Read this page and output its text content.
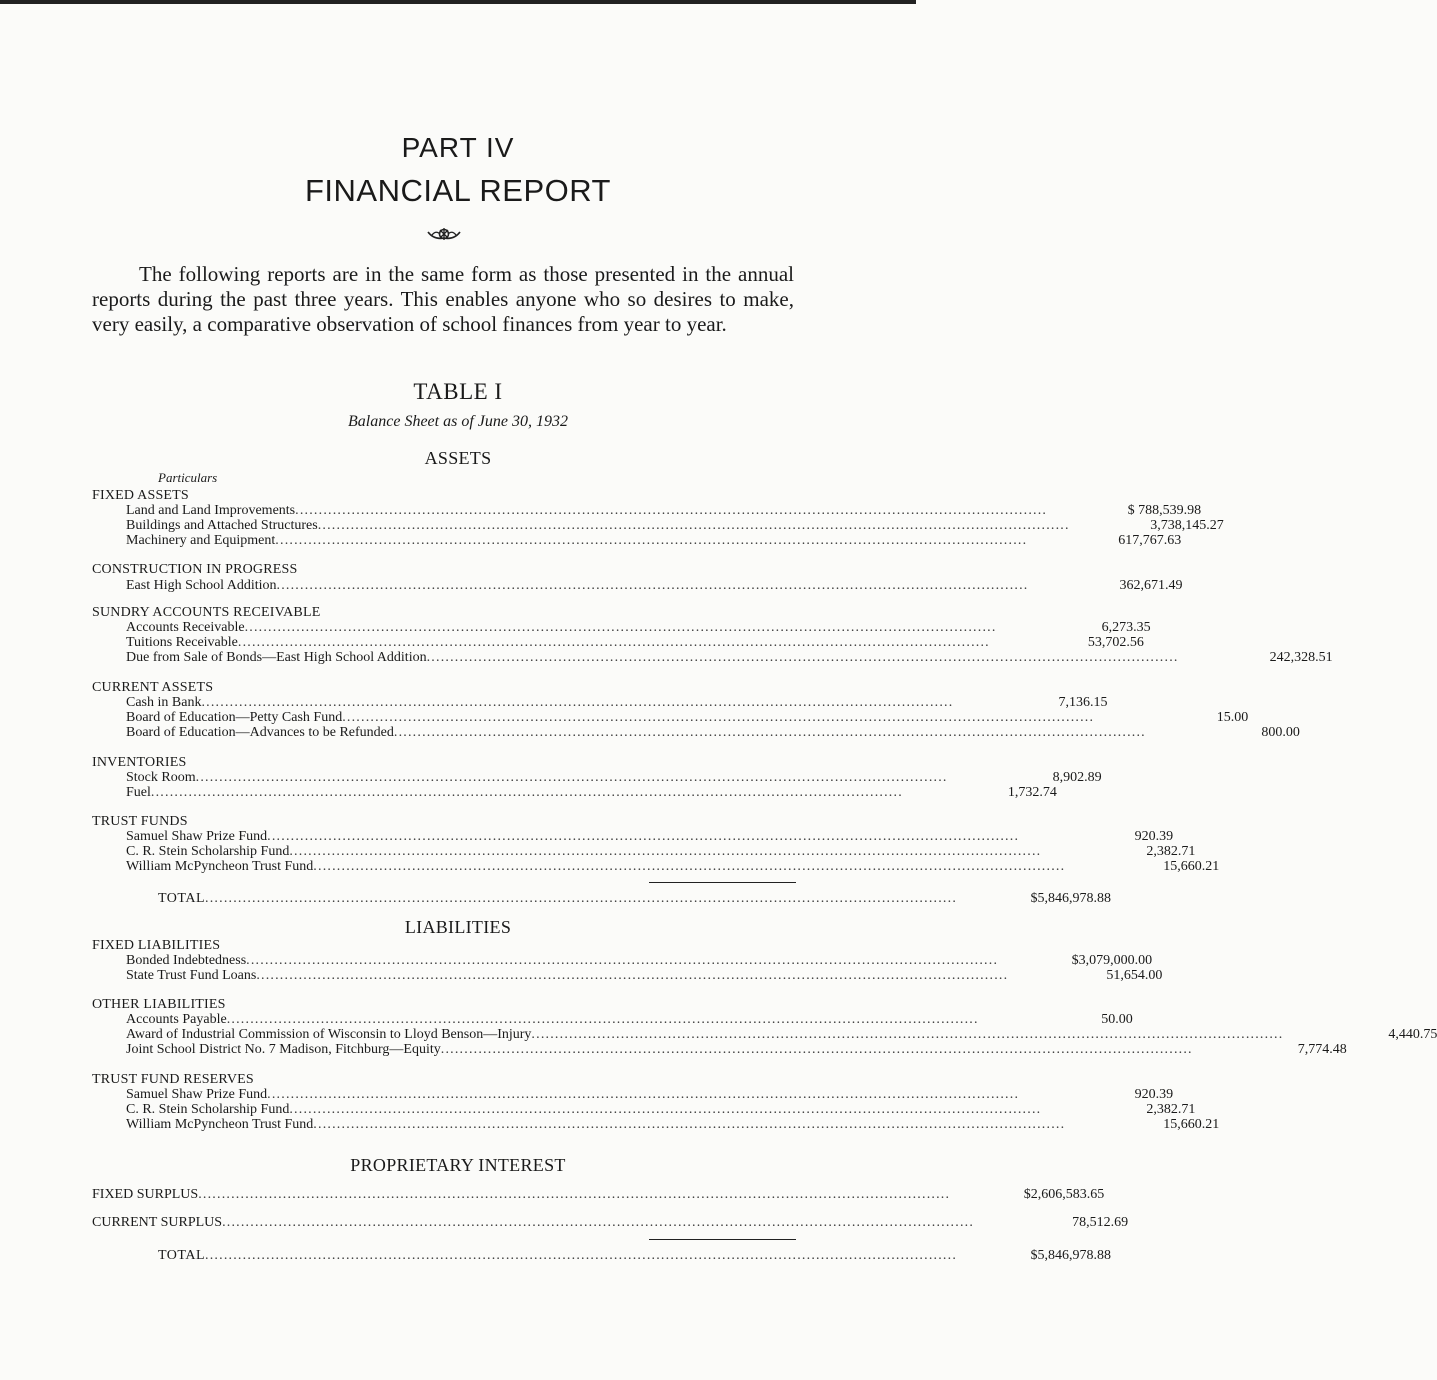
PART IV
FINANCIAL REPORT
The following reports are in the same form as those presented in the annual reports during the past three years. This enables anyone who so desires to make, very easily, a comparative observation of school finances from year to year.
TABLE I
Balance Sheet as of June 30, 1932
ASSETS
Particulars
FIXED ASSETS
Land and Land Improvements ................................................................................................................................................................	$ 788,539.98
Buildings and Attached Structures ................................................................................................................................................................	3,738,145.27
Machinery and Equipment ................................................................................................................................................................	617,767.63
CONSTRUCTION IN PROGRESS
East High School Addition ................................................................................................................................................................	362,671.49
SUNDRY ACCOUNTS RECEIVABLE
Accounts Receivable ................................................................................................................................................................	6,273.35
Tuitions Receivable ................................................................................................................................................................	53,702.56
Due from Sale of Bonds—East High School Addition ................................................................................................................................................................	242,328.51
CURRENT ASSETS
Cash in Bank ................................................................................................................................................................	7,136.15
Board of Education—Petty Cash Fund ................................................................................................................................................................	15.00
Board of Education—Advances to be Refunded ................................................................................................................................................................	800.00
INVENTORIES
Stock Room ................................................................................................................................................................	8,902.89
Fuel ................................................................................................................................................................	1,732.74
TRUST FUNDS
Samuel Shaw Prize Fund ................................................................................................................................................................	920.39
C. R. Stein Scholarship Fund ................................................................................................................................................................	2,382.71
William McPyncheon Trust Fund ................................................................................................................................................................	15,660.21
TOTAL ................................................................................................................................................................	$5,846,978.88
LIABILITIES
FIXED LIABILITIES
Bonded Indebtedness ................................................................................................................................................................	$3,079,000.00
State Trust Fund Loans ................................................................................................................................................................	51,654.00
OTHER LIABILITIES
Accounts Payable ................................................................................................................................................................	50.00
Award of Industrial Commission of Wisconsin to Lloyd Benson—Injury ................................................................................................................................................................	4,440.75
Joint School District No. 7 Madison, Fitchburg—Equity ................................................................................................................................................................	7,774.48
TRUST FUND RESERVES
Samuel Shaw Prize Fund ................................................................................................................................................................	920.39
C. R. Stein Scholarship Fund ................................................................................................................................................................	2,382.71
William McPyncheon Trust Fund ................................................................................................................................................................	15,660.21
PROPRIETARY INTEREST
FIXED SURPLUS ................................................................................................................................................................	$2,606,583.65
CURRENT SURPLUS ................................................................................................................................................................	78,512.69
TOTAL ................................................................................................................................................................	$5,846,978.88
